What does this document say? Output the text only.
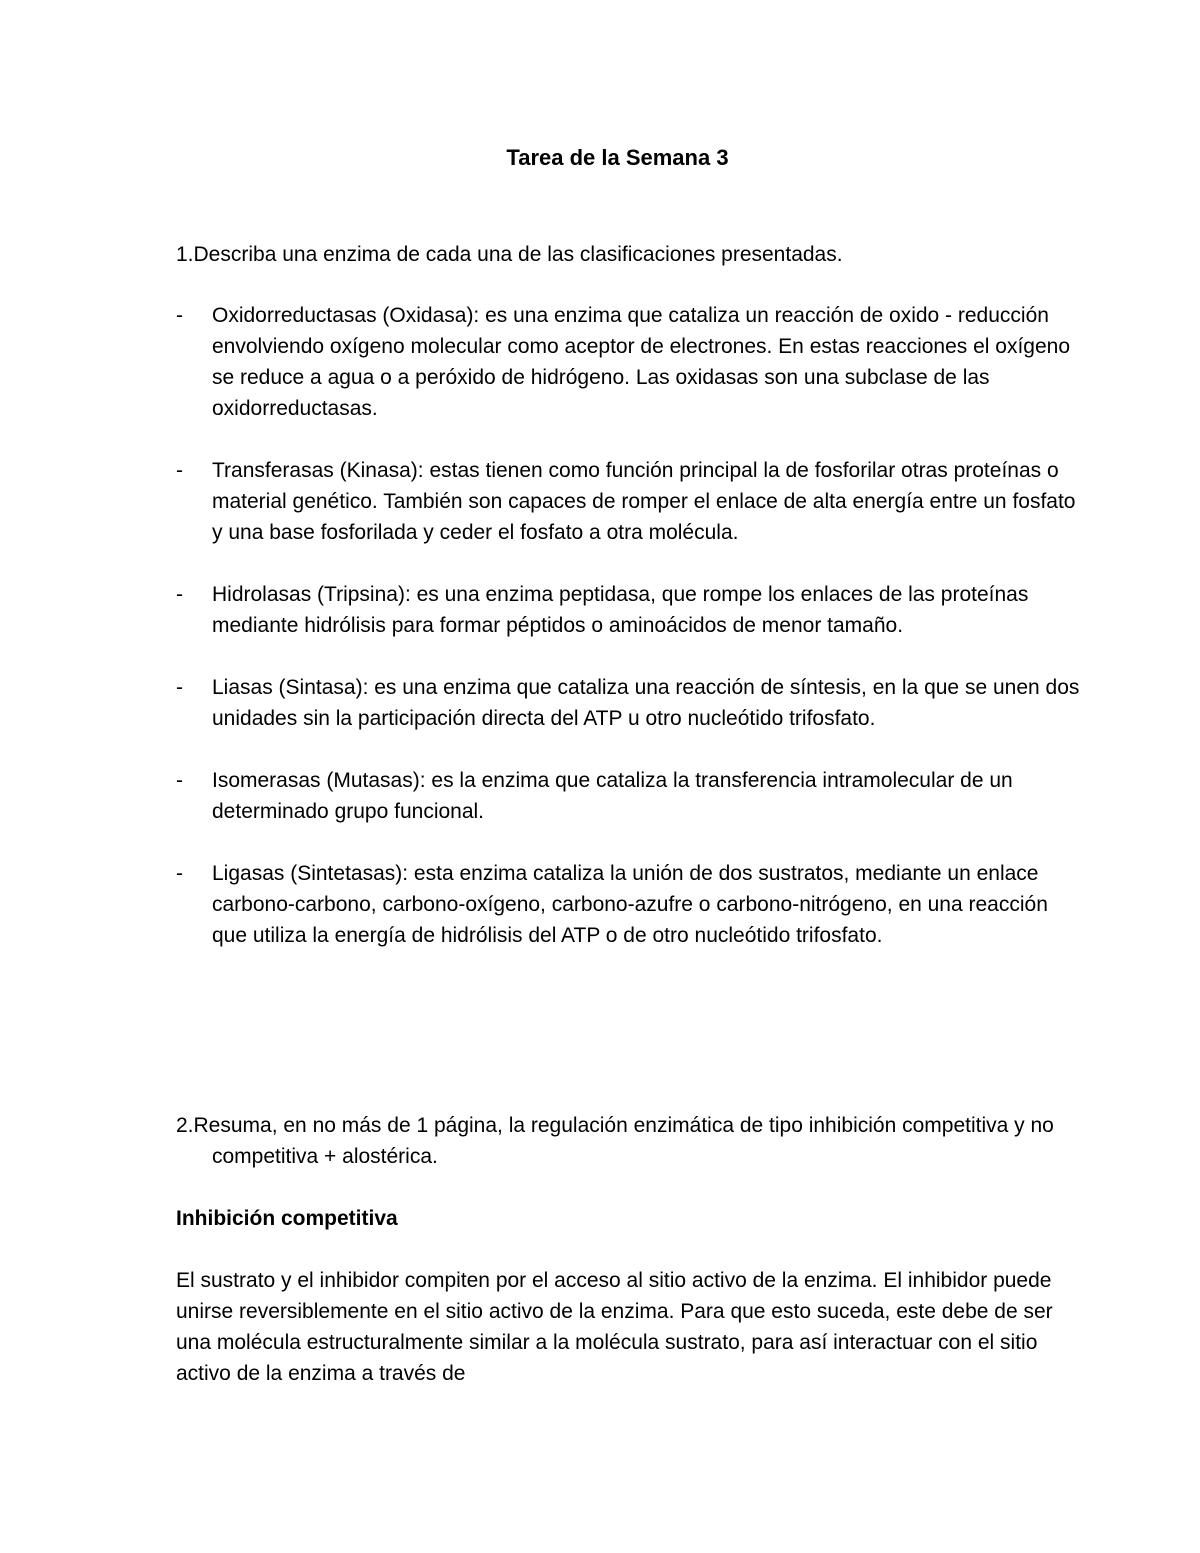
Tarea de la Semana 3

1.Describa una enzima de cada una de las clasificaciones presentadas.

-	Oxidorreductasas (Oxidasa): es una enzima que cataliza un reacción de oxido - reducción envolviendo oxígeno molecular como aceptor de electrones. En estas reacciones el oxígeno se reduce a agua o a peróxido de hidrógeno. Las oxidasas son una subclase de las oxidorreductasas.
-	Transferasas (Kinasa): estas tienen como función principal la de fosforilar otras proteínas o material genético. También son capaces de romper el enlace de alta energía entre un fosfato y una base fosforilada y ceder el fosfato a otra molécula.
-	Hidrolasas (Tripsina): es una enzima peptidasa, que rompe los enlaces de las proteínas mediante hidrólisis para formar péptidos o aminoácidos de menor tamaño.
-	Liasas (Sintasa): es una enzima que cataliza una reacción de síntesis, en la que se unen dos unidades sin la participación directa del ATP u otro nucleótido trifosfato.
-	Isomerasas (Mutasas): es la enzima que cataliza la transferencia intramolecular de un determinado grupo funcional.
-	Ligasas (Sintetasas): esta enzima cataliza la unión de dos sustratos, mediante un enlace carbono-carbono, carbono-oxígeno, carbono-azufre o carbono-nitrógeno, en una reacción que utiliza la energía de hidrólisis del ATP o de otro nucleótido trifosfato.

2.Resuma, en no más de 1 página, la regulación enzimática de tipo inhibición competitiva y no competitiva + alostérica.

Inhibición competitiva

El sustrato y el inhibidor compiten por el acceso al sitio activo de la enzima. El inhibidor puede unirse reversiblemente en el sitio activo de la enzima. Para que esto suceda, este debe de ser una molécula estructuralmente similar a la molécula sustrato, para así interactuar con el sitio activo de la enzima a través de
